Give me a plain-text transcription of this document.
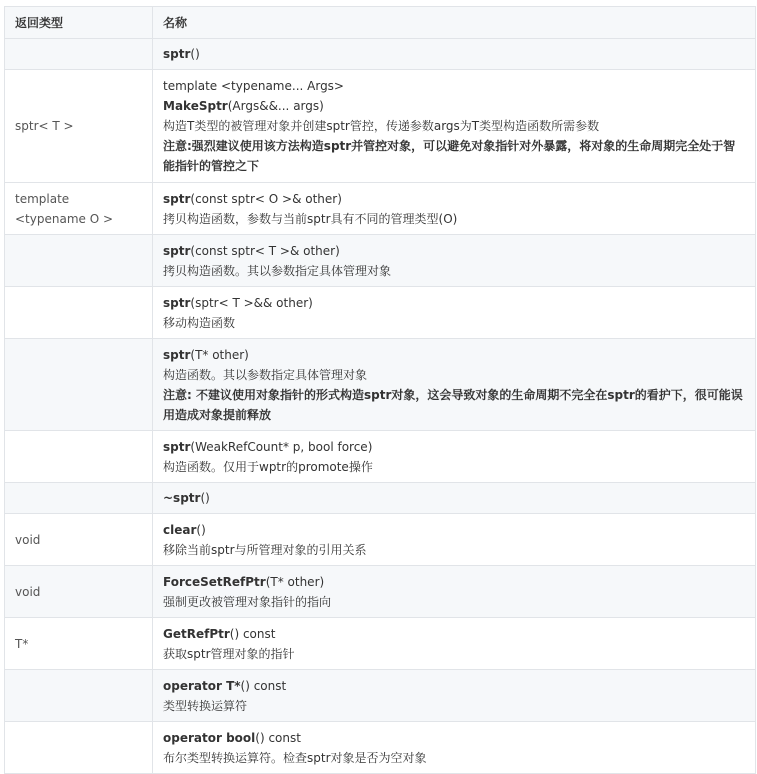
返回类型	名称

	sptr()

sptr< T >	template <typename... Args>
MakeSptr(Args&&... args)
构造T类型的被管理对象并创建sptr管控，传递参数args为T类型构造函数所需参数
注意:强烈建议使用该方法构造sptr并管控对象，可以避免对象指针对外暴露，将对象的生命周期完全处于智能指针的管控之下

template <typename O >	sptr(const sptr< O >& other)
拷贝构造函数，参数与当前sptr具有不同的管理类型(O)

	sptr(const sptr< T >& other)
拷贝构造函数。其以参数指定具体管理对象

	sptr(sptr< T >&& other)
移动构造函数

	sptr(T* other)
构造函数。其以参数指定具体管理对象
注意: 不建议使用对象指针的形式构造sptr对象，这会导致对象的生命周期不完全在sptr的看护下，很可能误用造成对象提前释放

	sptr(WeakRefCount* p, bool force)
构造函数。仅用于wptr的promote操作

	~sptr()

void	clear()
移除当前sptr与所管理对象的引用关系

void	ForceSetRefPtr(T* other)
强制更改被管理对象指针的指向

T*	GetRefPtr() const
获取sptr管理对象的指针

	operator T*() const
类型转换运算符

	operator bool() const
布尔类型转换运算符。检查sptr对象是否为空对象
